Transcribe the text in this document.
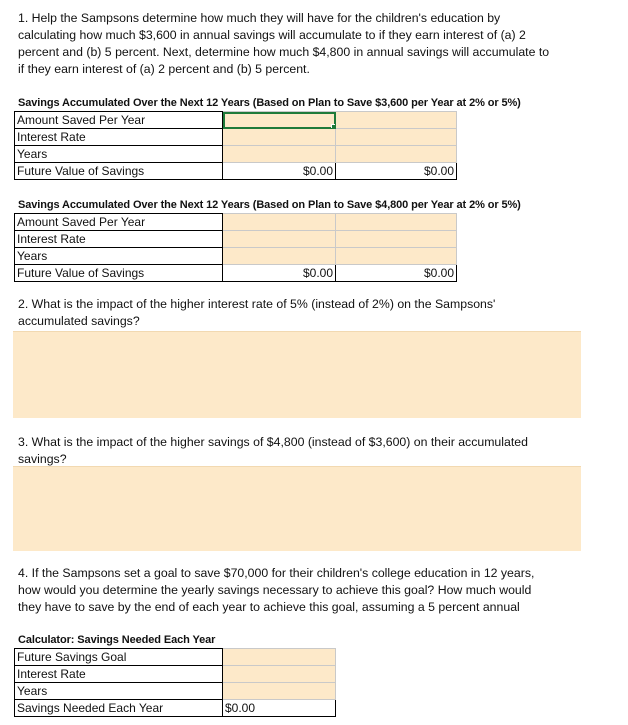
1. Help the Sampsons determine how much they will have for the children's education by
calculating how much $3,600 in annual savings will accumulate to if they earn interest of (a) 2
percent and (b) 5 percent. Next, determine how much $4,800 in annual savings will accumulate to
if they earn interest of (a) 2 percent and (b) 5 percent.
Savings Accumulated Over the Next 12 Years (Based on Plan to Save $3,600 per Year at 2% or 5%)
Amount Saved Per Year	

Interest Rate		
Years		
Future Value of Savings	$0.00	$0.00
Savings Accumulated Over the Next 12 Years (Based on Plan to Save $4,800 per Year at 2% or 5%)
Amount Saved Per Year		
Interest Rate		
Years		
Future Value of Savings	$0.00	$0.00
2. What is the impact of the higher interest rate of 5% (instead of 2%) on the Sampsons'
accumulated savings?
3. What is the impact of the higher savings of $4,800 (instead of $3,600) on their accumulated
savings?
4. If the Sampsons set a goal to save $70,000 for their children's college education in 12 years,
how would you determine the yearly savings necessary to achieve this goal? How much would
they have to save by the end of each year to achieve this goal, assuming a 5 percent annual
Calculator: Savings Needed Each Year
Future Savings Goal	
Interest Rate	
Years	
Savings Needed Each Year	$0.00
